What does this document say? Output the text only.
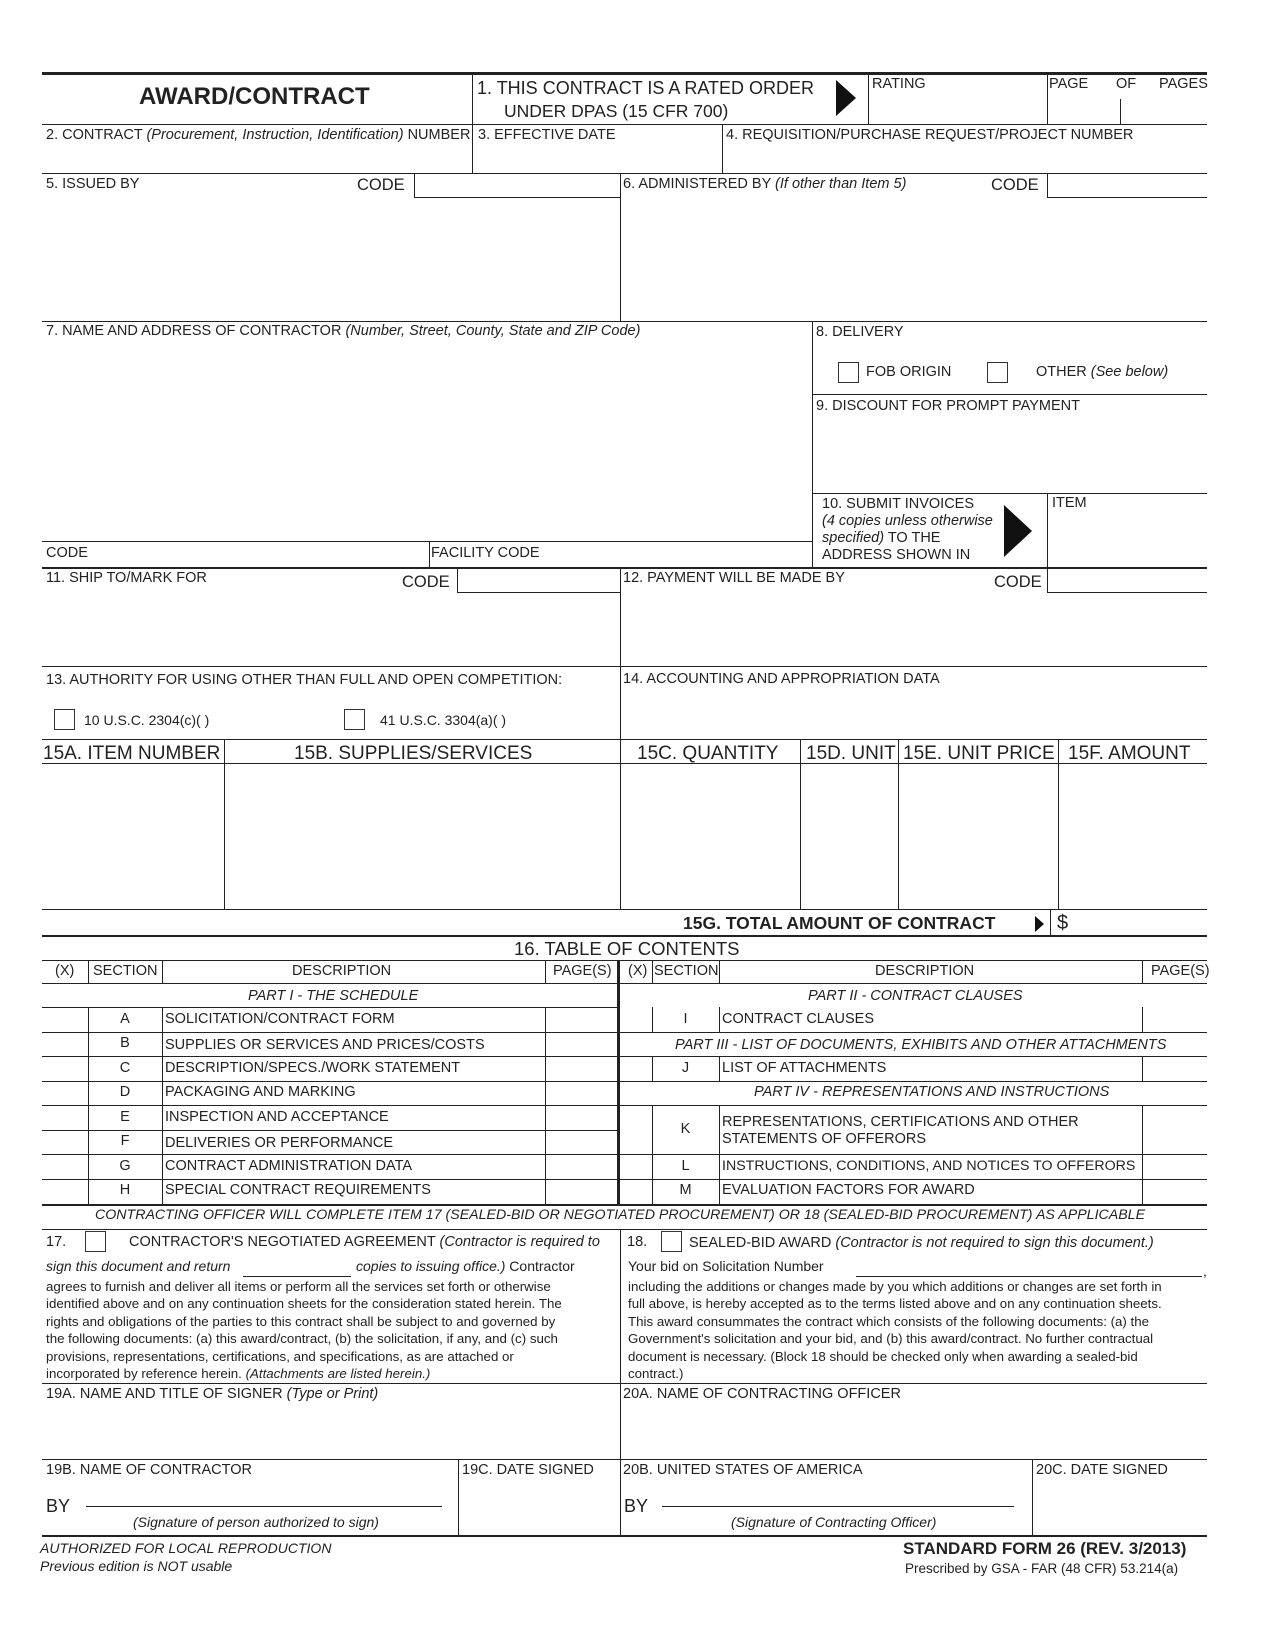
AWARD/CONTRACT	1. THIS CONTRACT IS A RATED ORDER
UNDER DPAS (15 CFR 700)
RATING	PAGE OF PAGES
2. CONTRACT (Procurement, Instruction, Identification) NUMBER 3. EFFECTIVE DATE	4. REQUISITION/PURCHASE REQUEST/PROJECT NUMBER
5. ISSUED BY	CODE	6. ADMINISTERED BY (If other than Item 5)	CODE
7. NAME AND ADDRESS OF CONTRACTOR (Number, Street, County, State and ZIP Code)
CODE	FACILITY CODE
8. DELIVERY
FOB ORIGIN	OTHER (See below)
9. DISCOUNT FOR PROMPT PAYMENT
10. SUBMIT INVOICES
(4 copies unless otherwise
specified) TO THE
ADDRESS SHOWN IN
ITEM
11. SHIP TO/MARK FOR	CODE	12. PAYMENT WILL BE MADE BY	CODE
13. AUTHORITY FOR USING OTHER THAN FULL AND OPEN COMPETITION:
10 U.S.C. 2304(c)( )	41 U.S.C. 3304(a)( )
14. ACCOUNTING AND APPROPRIATION DATA
15A. ITEM NUMBER	15B. SUPPLIES/SERVICES	15C. QUANTITY 15D. UNIT 15E. UNIT PRICE 15F. AMOUNT
15G. TOTAL AMOUNT OF CONTRACT	$
16. TABLE OF CONTENTS
(X) SECTION	DESCRIPTION	PAGE(S) (X) SECTION	DESCRIPTION	PAGE(S)
PART I - THE SCHEDULE	PART II - CONTRACT CLAUSES
A	SOLICITATION/CONTRACT FORM
B	SUPPLIES OR SERVICES AND PRICES/COSTS
C	DESCRIPTION/SPECS./WORK STATEMENT
D	PACKAGING AND MARKING
E	INSPECTION AND ACCEPTANCE
F	DELIVERIES OR PERFORMANCE
G	CONTRACT ADMINISTRATION DATA
H	SPECIAL CONTRACT REQUIREMENTS
I	CONTRACT CLAUSES
PART III - LIST OF DOCUMENTS, EXHIBITS AND OTHER ATTACHMENTS
J	LIST OF ATTACHMENTS
PART IV - REPRESENTATIONS AND INSTRUCTIONS
K	REPRESENTATIONS, CERTIFICATIONS AND OTHER
STATEMENTS OF OFFERORS
L	INSTRUCTIONS, CONDITIONS, AND NOTICES TO OFFERORS
M	EVALUATION FACTORS FOR AWARD
CONTRACTING OFFICER WILL COMPLETE ITEM 17 (SEALED-BID OR NEGOTIATED PROCUREMENT) OR 18 (SEALED-BID PROCUREMENT) AS APPLICABLE
17.	CONTRACTOR'S NEGOTIATED AGREEMENT (Contractor is required to
sign this document and return	copies to issuing office.) Contractor
agrees to furnish and deliver all items or perform all the services set forth or otherwise
identified above and on any continuation sheets for the consideration stated herein. The
rights and obligations of the parties to this contract shall be subject to and governed by
the following documents: (a) this award/contract, (b) the solicitation, if any, and (c) such
provisions, representations, certifications, and specifications, as are attached or
incorporated by reference herein. (Attachments are listed herein.)
18.	SEALED-BID AWARD (Contractor is not required to sign this document.)
Your bid on Solicitation Number	,
including the additions or changes made by you which additions or changes are set forth in
full above, is hereby accepted as to the terms listed above and on any continuation sheets.
This award consummates the contract which consists of the following documents: (a) the
Government's solicitation and your bid, and (b) this award/contract. No further contractual
document is necessary. (Block 18 should be checked only when awarding a sealed-bid
contract.)
19A. NAME AND TITLE OF SIGNER (Type or Print)	20A. NAME OF CONTRACTING OFFICER
19B. NAME OF CONTRACTOR	19C. DATE SIGNED 20B. UNITED STATES OF AMERICA	20C. DATE SIGNED
BY
(Signature of person authorized to sign)
BY
(Signature of Contracting Officer)
AUTHORIZED FOR LOCAL REPRODUCTION
Previous edition is NOT usable
STANDARD FORM 26 (REV. 3/2013)
Prescribed by GSA - FAR (48 CFR) 53.214(a)
